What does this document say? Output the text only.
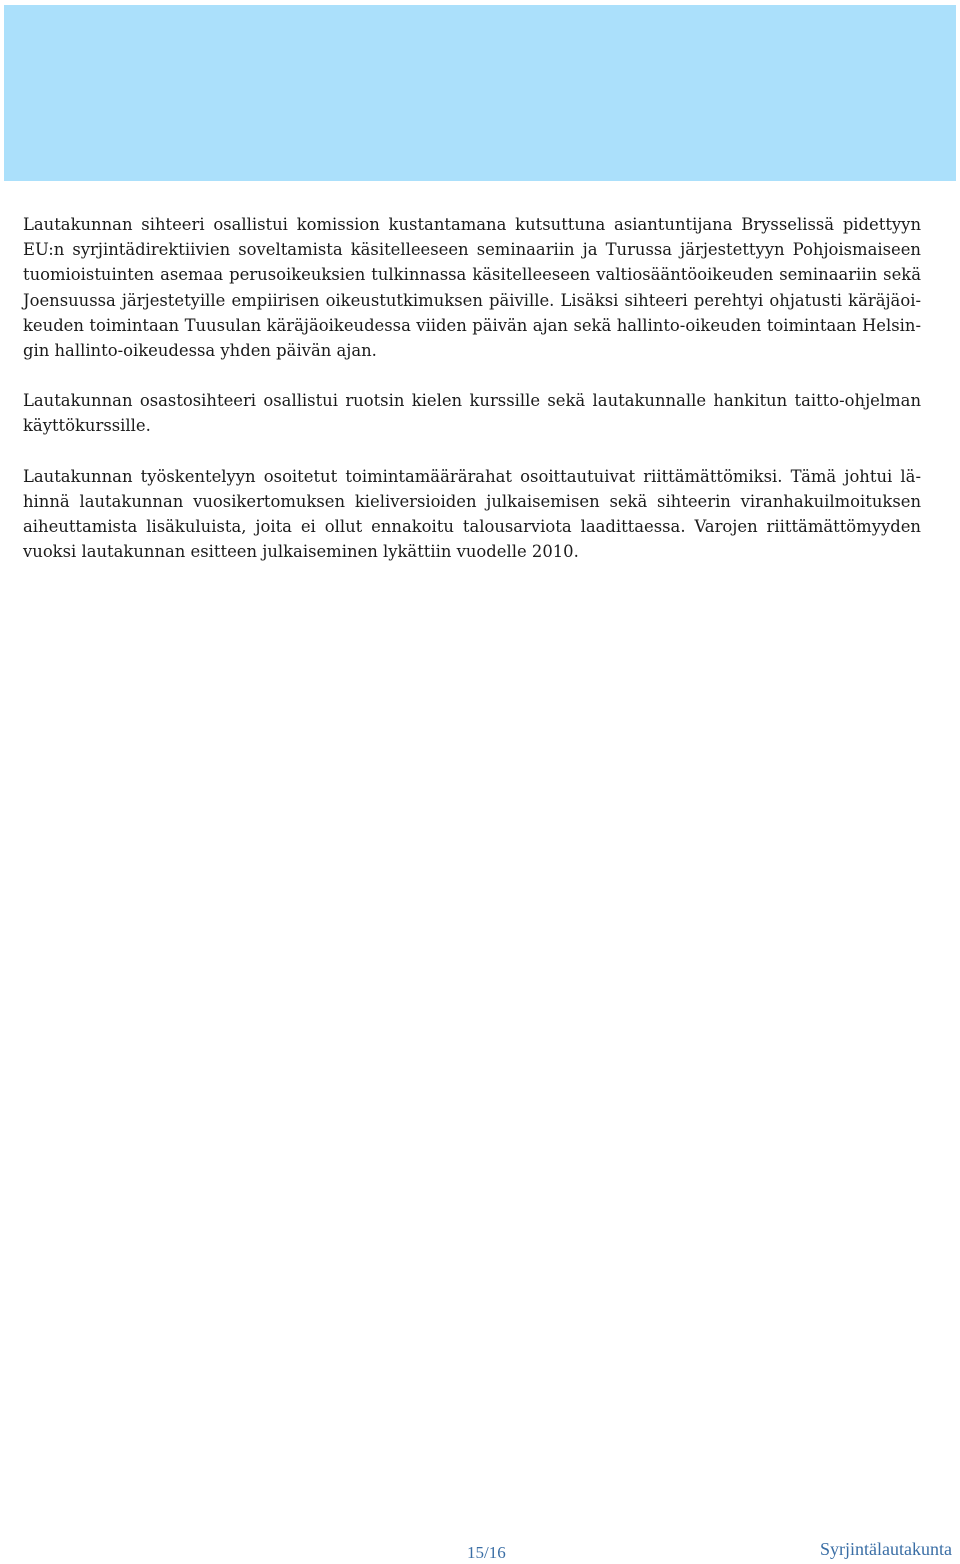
Lautakunnan sihteeri osallistui komission kustantamana kutsuttuna asiantuntijana Brysselissä pidettyyn EU:n syrjintädirektiivien soveltamista käsitelleeseen seminaariin ja Turussa järjestettyyn Pohjoismaiseen tuomioistuinten asemaa perusoikeuksien tulkinnassa käsitelleeseen valtiosääntöoikeuden seminaariin sekä Joensuussa järjestetyille empiirisen oikeustutkimuksen päiville. Lisäksi sihteeri perehtyi ohjatusti käräjäoikeuden toimintaan Tuusulan käräjäoikeudessa viiden päivän ajan sekä hallinto-oikeuden toimintaan Helsingin hallinto-oikeudessa yhden päivän ajan.

Lautakunnan osastosihteeri osallistui ruotsin kielen kurssille sekä lautakunnalle hankitun taitto-ohjelman käyttökurssille.

Lautakunnan työskentelyyn osoitetut toimintamäärärahat osoittautuivat riittämättömiksi. Tämä johtui lähinnä lautakunnan vuosikertomuksen kieliversioiden julkaisemisen sekä sihteerin viranhakuilmoituksen aiheuttamista lisäkuluista, joita ei ollut ennakoitu talousarviota laadittaessa. Varojen riittämättömyyden vuoksi lautakunnan esitteen julkaiseminen lykättiin vuodelle 2010.

15/16	Syrjintälautakunta
